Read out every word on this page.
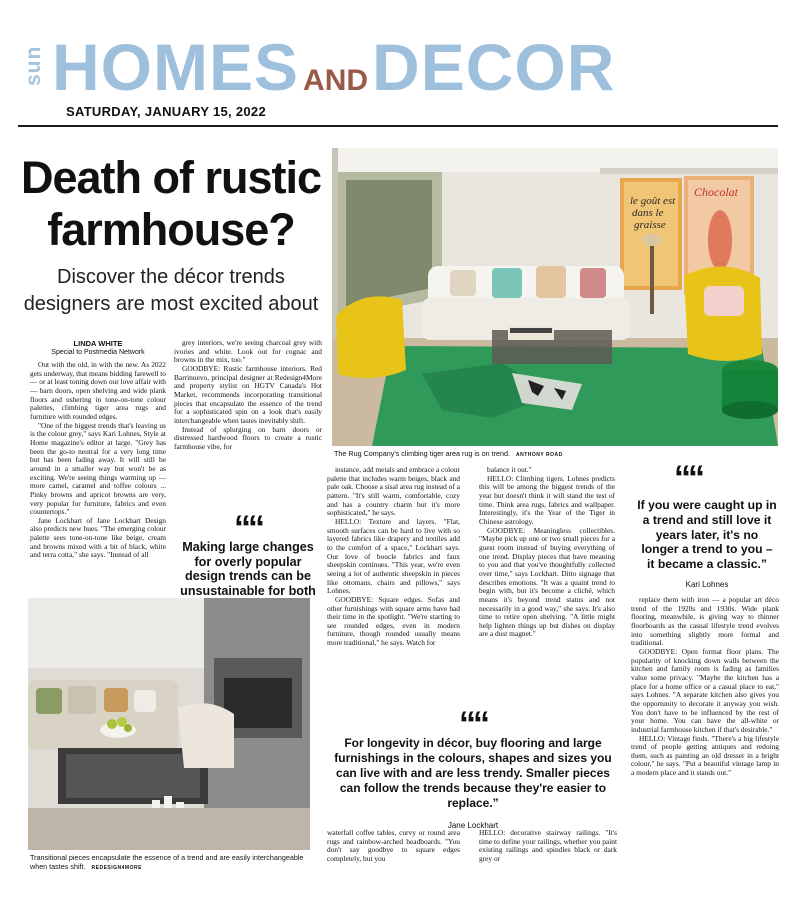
sun HOMES ANDDECOR
SATURDAY, JANUARY 15, 2022
Death of rustic
farmhouse?
Discover the décor trends designers are most excited about
LINDA WHITE
Special to Postmedia Network

Out with the old, in with the new. As 2022 gets underway, that means bidding farewell to — or at least toning down our love affair with — barn doors, open shelving and wide plank floors and ushering in tone-on-tone colour palettes, climbing tiger area rugs and furniture with rounded edges.

"One of the biggest trends that's leaving us is the colour grey," says Kari Lohnes, Style at Home magazine's editor at large. "Grey has been the go-to neutral for a very long time but has been fading away. It will still be around in a smaller way but won't be as exciting. We're seeing things warming up — more camel, caramel and toffee colours ... Pinky browns and apricot browns are very, very popular for furniture, fabrics and even countertops."

Jane Lockhart of Jane Lockhart Design also predicts new hues. "The emerging colour palette sees tone-on-tone like beige, cream and browns mixed with a bit of black, white and terra cotta," she says. "Instead of all

grey interiors, we're seeing charcoal grey with ivories and white. Look out for cognac and browns in the mix, too."

GOODBYE: Rustic farmhouse interiors. Red Barrinuevo, principal designer at Redesign4More and property stylist on HGTV Canada's Hot Market, recommends incorporating transitional pieces that encapsulate the essence of the trend for a sophisticated spin on a look that's easily interchangeable when tastes inevitably shift.

Instead of splurging on barn doors or distressed hardwood floors to create a rustic farmhouse vibe, for

““
Making large changes for overly popular design trends can be unsustainable for both
le goût est
dans le
graisse
Chocolat
The Rug Company's climbing tiger area rug is on trend. ANTHONY ROAD

instance, add metals and embrace a colour palette that includes warm beiges, black and pale oak. Choose a sisal area rug instead of a pattern. "It's still warm, comfortable, cozy and has a country charm but it's more sophisticated," he says.

HELLO: Texture and layers. "Flat, smooth surfaces can be hard to live with so layered fabrics like drapery and textiles add to the comfort of a space," Lockhart says. Our love of boucle fabrics and faux sheepskin continues. "This year, we're even seeing a lot of authentic sheepskin in pieces like ottomans, chairs and pillows," says Lohnes.

GOODBYE: Square edges. Sofas and other furnishings with square arms have had their time in the spotlight. "We're starting to see rounded edges, even in modern furniture, though rounded usually means more traditional," he says. Watch for

balance it out."

HELLO: Climbing tigers. Lohnes predicts this will be among the biggest trends of the year but doesn't think it will stand the test of time. Think area rugs, fabrics and wallpaper. Interestingly, it's the Year of the Tiger in Chinese astrology.

GOODBYE: Meaningless collectibles. "Maybe pick up one or two small pieces for a guest room instead of buying everything of one trend. Display pieces that have meaning to you and that you've thoughtfully collected over time," says Lockhart. Ditto signage that describes emotions. "It was a quaint trend to begin with, but it's become a cliché, which means it's beyond trend status and not necessarily in a good way," she says. It's also time to retire open shelving. "A little might help lighten things up but dishes on display are a dust magnet."

““
If you were caught up in a trend and still love it years later, it's no longer a trend to you – it became a classic.”
Kari Lohnes

replace them with iron — a popular art déco trend of the 1920s and 1930s. Wide plank flooring, meanwhile, is giving way to thinner floorboards as the casual lifestyle trend evolves into something slightly more formal and traditional.

GOODBYE: Open format floor plans. The popularity of knocking down walls between the kitchen and family room is fading as families value some privacy. "Maybe the kitchen has a place for a home office or a casual place to eat," says Lohnes. "A separate kitchen also gives you the opportunity to decorate it anyway you wish. You don't have to be influenced by the rest of your home. You can have the all-white or industrial farmhouse kitchen if that's desirable."

HELLO: Vintage finds. "There's a big lifestyle trend of people getting antiques and redoing them, such as painting an old dresser in a bright colour," he says. "Put a beautiful vintage lamp in a modern place and it stands out."

““
For longevity in décor, buy flooring and large furnishings in the colours, shapes and sizes you can live with and are less trendy. Smaller pieces can follow the trends because they're easier to replace.”
Jane Lockhart

waterfall coffee tables, curvy or round area rugs and rainbow-arched headboards. "You don't say goodbye to square edges completely, but you

HELLO: decorative stairway railings. "It's time to define your railings, whether you paint existing railings and spindles black or dark grey or

Transitional pieces encapsulate the essence of a trend and are easily interchangeable when tastes shift. REDESIGN4MORE
